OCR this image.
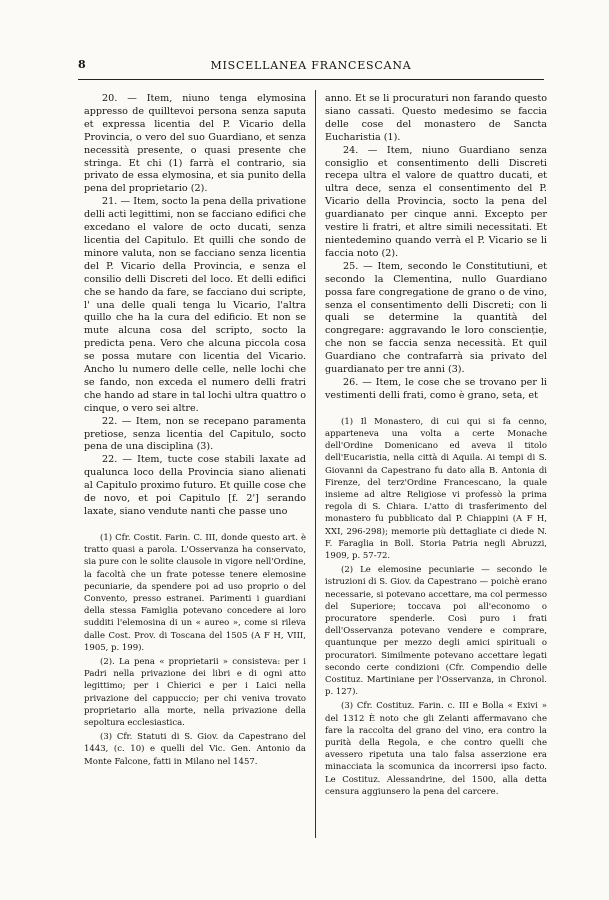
8	MISCELLANEA FRANCESCANA

20. — Item, niuno tenga elymosina appresso de quilltevoi persona senza saputa et expressa licentia del P. Vicario della Provincia, o vero del suo Guardiano, et senza necessità presente, o quasi presente che stringa. Et chi (1) farrà el contrario, sia privato de essa elymosina, et sia punito della pena del proprietario (2).

21. — Item, socto la pena della privatione delli acti legittimi, non se facciano edifici che excedano el valore de octo ducati, senza licentia del Capitulo. Et quilli che sondo de minore valuta, non se facciano senza licentia del P. Vicario della Provincia, e senza el consilio delli Discreti del loco. Et delli edifici che se hando da fare, se facciano dui scripte, l' una delle quali tenga lu Vicario, l'altra quillo che ha la cura del edificio. Et non se mute alcuna cosa del scripto, socto la predicta pena. Vero che alcuna piccola cosa se possa mutare con licentia del Vicario. Ancho lu numero delle celle, nelle lochi che se fando, non exceda el numero delli fratri che hando ad stare in tal lochi ultra quattro o cinque, o vero sei altre.

22. — Item, non se recepano paramenta pretiose, senza licentia del Capitulo, socto pena de una disciplina (3).

22. — Item, tucte cose stabili laxate ad qualunca loco della Provincia siano alienati al Capitulo proximo futuro. Et quille cose che de novo, et poi Capitulo [f. 2'] serando laxate, siano vendute nanti che passe uno

(1) Cfr. Costit. Farin. C. III, donde questo art. è tratto quasi a parola. L'Osservanza ha conservato, sia pure con le solite clausole in vigore nell'Ordine, la facoltà che un frate potesse tenere elemosine pecuniarie, da spendere poi ad uso proprio o del Convento, presso estranei. Parimenti i guardiani della stessa Famiglia potevano concedere ai loro sudditi l'elemosina di un « aureo », come si rileva dalle Cost. Prov. di Toscana del 1505 (A F H, VIII, 1905, p. 199).

(2). La pena « proprietarii » consisteva: per i Padri nella privazione dei libri e di ogni atto legittimo; per i Chierici e per i Laici nella privazione del cappuccio; per chi veniva trovato proprietario alla morte, nella privazione della sepoltura ecclesiastica.

(3) Cfr. Statuti di S. Giov. da Capestrano del 1443, (c. 10) e quelli del Vic. Gen. Antonio da Monte Falcone, fatti in Milano nel 1457.

anno. Et se li procuraturi non farando questo siano cassati. Questo medesimo se faccia delle cose del monastero de Sancta Eucharistia (1).

24. — Item, niuno Guardiano senza consiglio et consentimento delli Discreti recepa ultra el valore de quattro ducati, et ultra dece, senza el consentimento del P. Vicario della Provincia, socto la pena del guardianato per cinque anni. Excepto per vestire li fratri, et altre simili necessitati. Et nientedemino quando verrà el P. Vicario se li faccia noto (2).

25. — Item, secondo le Constitutiuni, et secondo la Clementina, nullo Guardiano possa fare congregatione de grano o de vino, senza el consentimento delli Discreti; con li quali se determine la quantità del congregare: aggravando le loro conscienție, che non se faccia senza necessità. Et quil Guardiano che contrafarrà sia privato del guardianato per tre anni (3).

26. — Item, le cose che se trovano per li vestimenti delli frati, como è grano, seta, et

(1) Il Monastero, di cui qui si fa cenno, apparteneva una volta a certe Monache dell'Ordine Domenicano ed aveva il titolo dell'Eucaristia, nella città di Aquila. Ai tempi di S. Giovanni da Capestrano fu dato alla B. Antonia di Firenze, del terz'Ordine Francescano, la quale insieme ad altre Religiose vi professò la prima regola di S. Chiara. L'atto di trasferimento del monastero fu pubblicato dal P. Chiappini (A F H, XXI, 296-298); memorie più dettagliate ci diede N. F. Faraglia in Boll. Storia Patria negli Abruzzi, 1909, p. 57-72.

(2) Le elemosine pecuniarie — secondo le istruzioni di S. Giov. da Capestrano — poichè erano necessarie, si potevano accettare, ma col permesso del Superiore; toccava poi all'economo o procuratore spenderle. Così puro i frati dell'Osservanza potevano vendere e comprare, quantunque per mezzo degli amici spirituali o procuratori. Similmente potevano accettare legati secondo certe condizioni (Cfr. Compendio delle Costituz. Martiniane per l'Osservanza, in Chronol. p. 127).

(3) Cfr. Costituz. Farin. c. III e Bolla « Exivi » del 1312 È noto che gli Zelanti affermavano che fare la raccolta del grano del vino, era contro la purità della Regola, e che contro quelli che avessero ripetuta una talo falsa asserzione era minacciata la scomunica da incorrersi ipso facto. Le Costituz. Alessandrine, del 1500, alla detta censura aggiunsero la pena del carcere.
